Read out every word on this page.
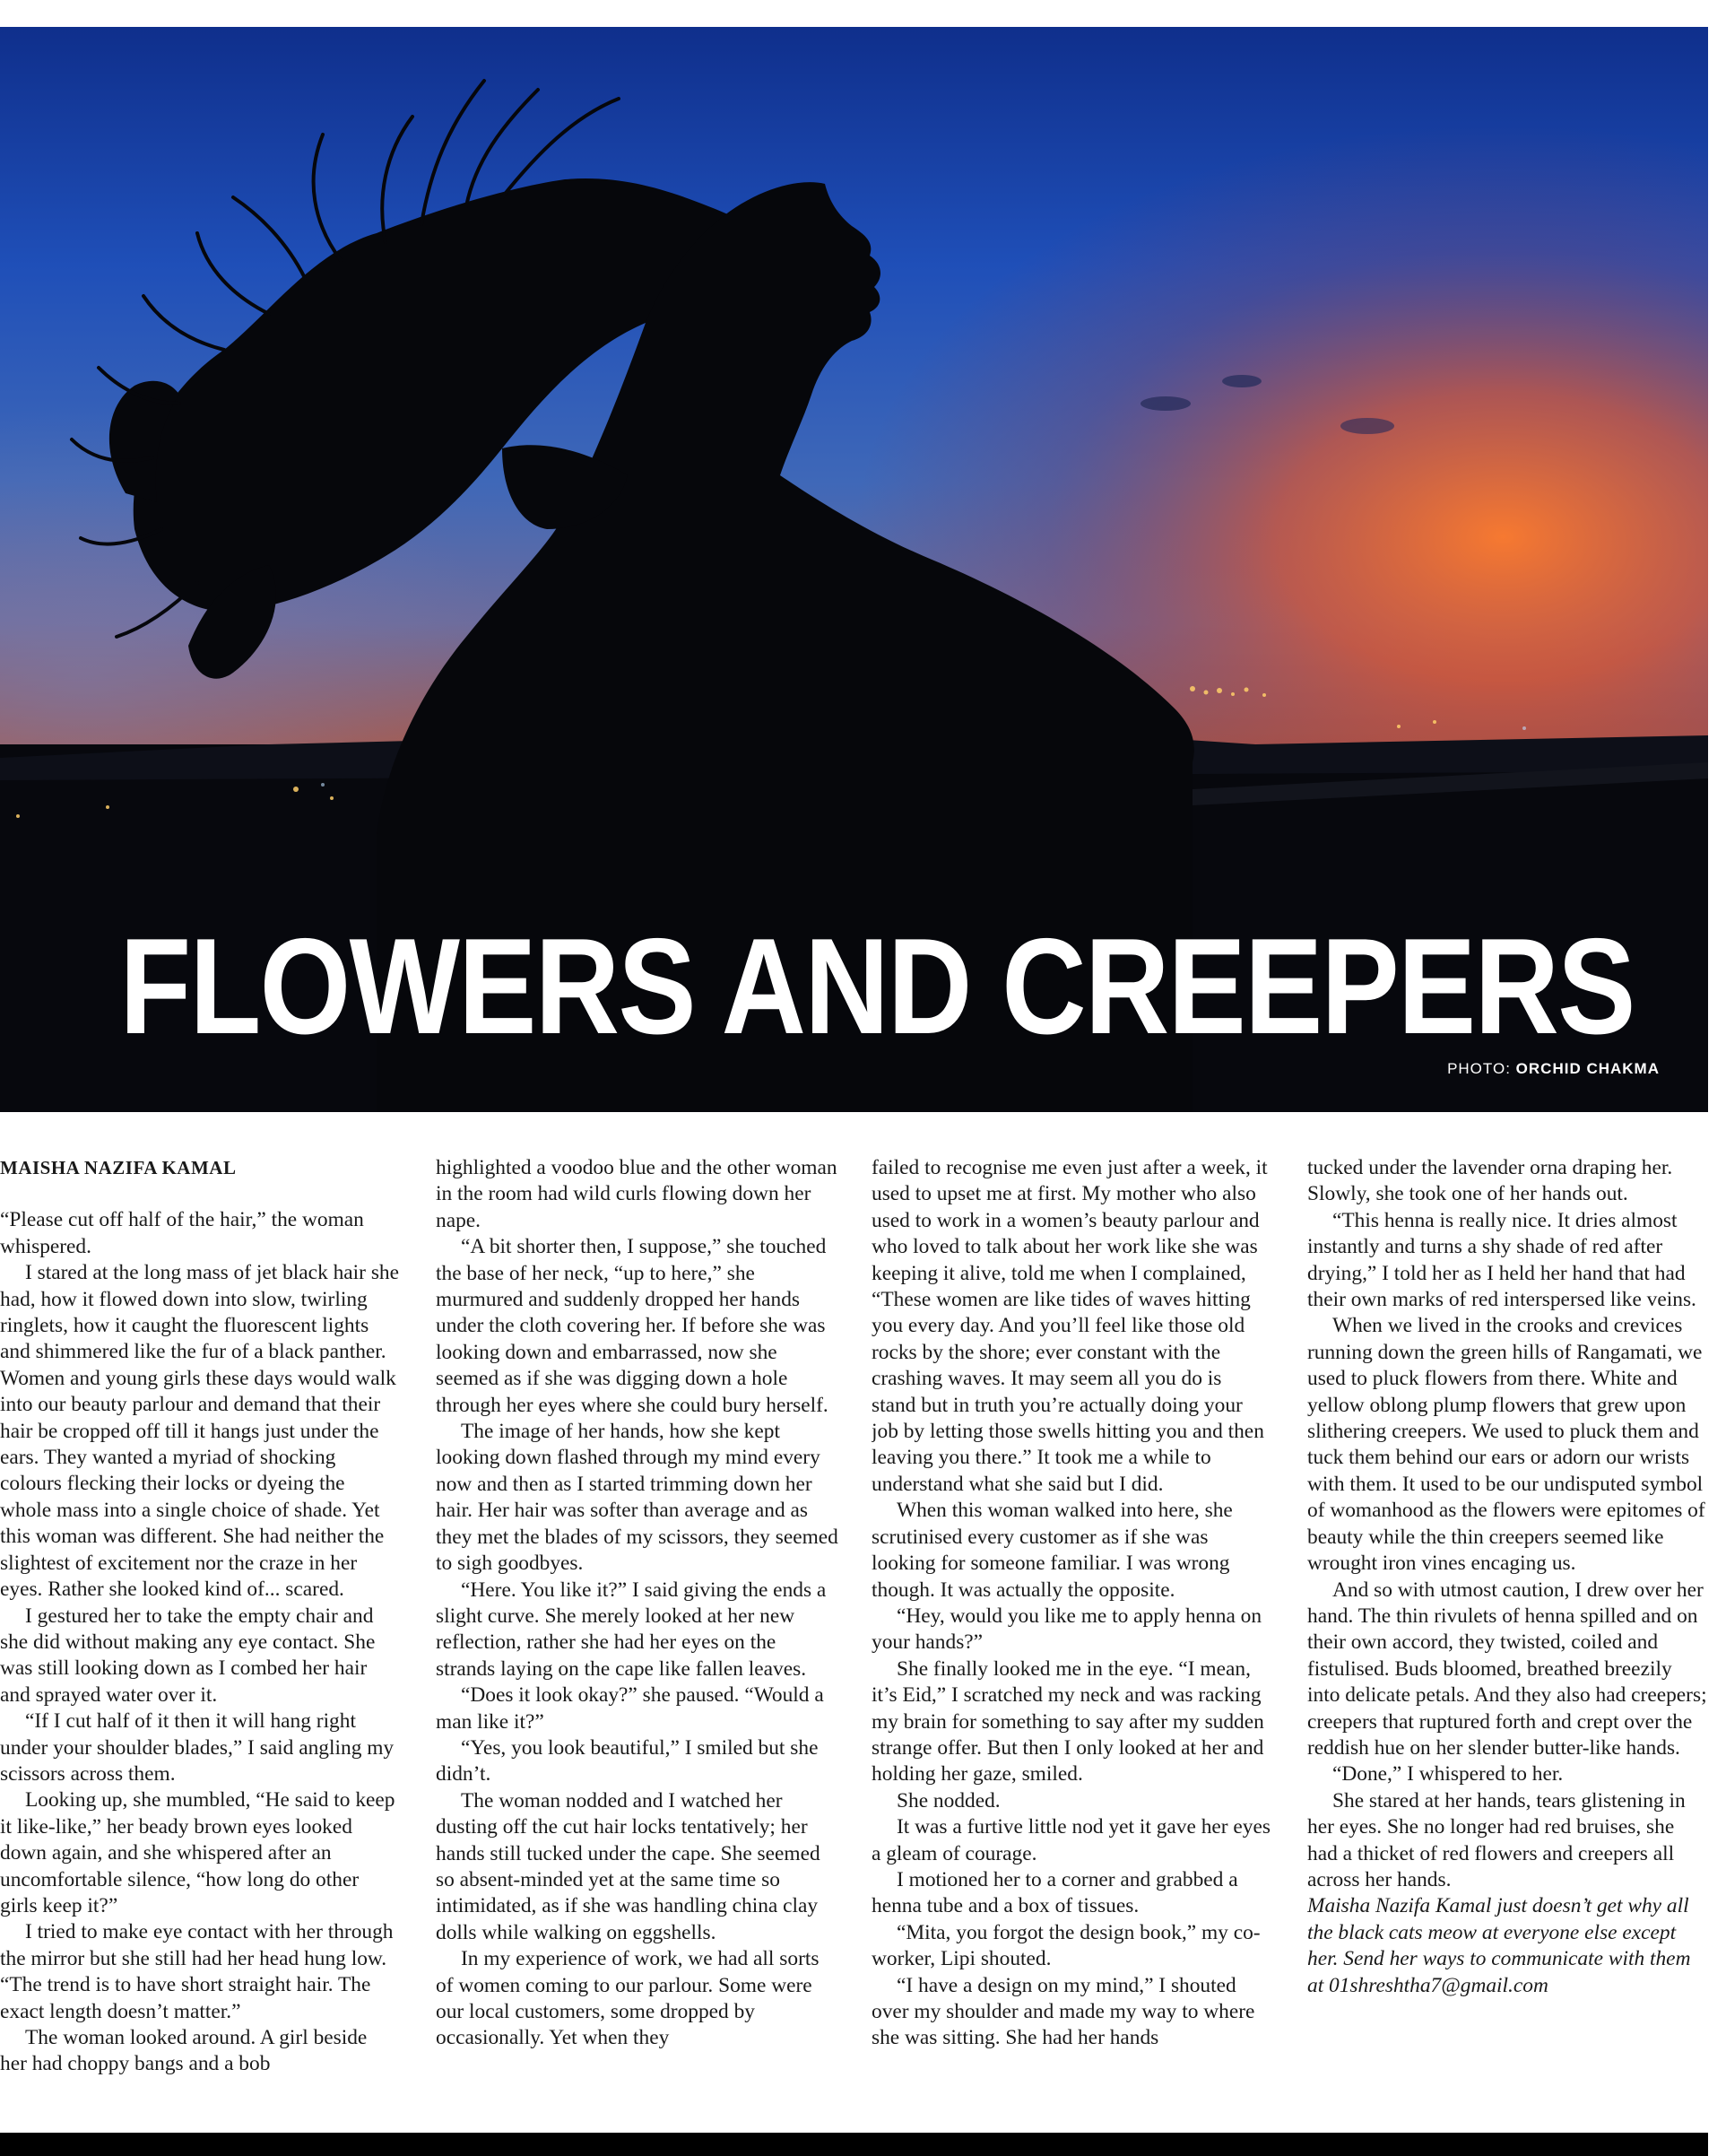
FLOWERS AND CREEPERS
PHOTO: ORCHID CHAKMA
MAISHA NAZIFA KAMAL

“Please cut off half of the hair,” the woman whispered.

I stared at the long mass of jet black hair she had, how it flowed down into slow, twirling ringlets, how it caught the fluorescent lights and shimmered like the fur of a black panther. Women and young girls these days would walk into our beauty parlour and demand that their hair be cropped off till it hangs just under the ears. They wanted a myriad of shocking colours flecking their locks or dyeing the whole mass into a single choice of shade. Yet this woman was different. She had neither the slightest of excitement nor the craze in her eyes. Rather she looked kind of... scared.

I gestured her to take the empty chair and she did without making any eye contact. She was still looking down as I combed her hair and sprayed water over it.

“If I cut half of it then it will hang right under your shoulder blades,” I said angling my scissors across them.

Looking up, she mumbled, “He said to keep it like-like,” her beady brown eyes looked down again, and she whispered after an uncomfortable silence, “how long do other girls keep it?”

I tried to make eye contact with her through the mirror but she still had her head hung low. “The trend is to have short straight hair. The exact length doesn’t matter.”

The woman looked around. A girl beside her had choppy bangs and a bob

highlighted a voodoo blue and the other woman in the room had wild curls flowing down her nape.

“A bit shorter then, I suppose,” she touched the base of her neck, “up to here,” she murmured and suddenly dropped her hands under the cloth covering her. If before she was looking down and embarrassed, now she seemed as if she was digging down a hole through her eyes where she could bury herself.

The image of her hands, how she kept looking down flashed through my mind every now and then as I started trimming down her hair. Her hair was softer than average and as they met the blades of my scissors, they seemed to sigh goodbyes.

“Here. You like it?” I said giving the ends a slight curve. She merely looked at her new reflection, rather she had her eyes on the strands laying on the cape like fallen leaves.

“Does it look okay?” she paused. “Would a man like it?”

“Yes, you look beautiful,” I smiled but she didn’t.

The woman nodded and I watched her dusting off the cut hair locks tentatively; her hands still tucked under the cape. She seemed so absent-minded yet at the same time so intimidated, as if she was handling china clay dolls while walking on eggshells.

In my experience of work, we had all sorts of women coming to our parlour. Some were our local customers, some dropped by occasionally. Yet when they

failed to recognise me even just after a week, it used to upset me at first. My mother who also used to work in a women’s beauty parlour and who loved to talk about her work like she was keeping it alive, told me when I complained, “These women are like tides of waves hitting you every day. And you’ll feel like those old rocks by the shore; ever constant with the crashing waves. It may seem all you do is stand but in truth you’re actually doing your job by letting those swells hitting you and then leaving you there.” It took me a while to understand what she said but I did.

When this woman walked into here, she scrutinised every customer as if she was looking for someone familiar. I was wrong though. It was actually the opposite.

“Hey, would you like me to apply henna on your hands?”

She finally looked me in the eye. “I mean, it’s Eid,” I scratched my neck and was racking my brain for something to say after my sudden strange offer. But then I only looked at her and holding her gaze, smiled.

She nodded.

It was a furtive little nod yet it gave her eyes a gleam of courage.

I motioned her to a corner and grabbed a henna tube and a box of tissues.

“Mita, you forgot the design book,” my co-worker, Lipi shouted.

“I have a design on my mind,” I shouted over my shoulder and made my way to where she was sitting. She had her hands

tucked under the lavender orna draping her. Slowly, she took one of her hands out.

“This henna is really nice. It dries almost instantly and turns a shy shade of red after drying,” I told her as I held her hand that had their own marks of red interspersed like veins.

When we lived in the crooks and crevices running down the green hills of Rangamati, we used to pluck flowers from there. White and yellow oblong plump flowers that grew upon slithering creepers. We used to pluck them and tuck them behind our ears or adorn our wrists with them. It used to be our undisputed symbol of womanhood as the flowers were epitomes of beauty while the thin creepers seemed like wrought iron vines encaging us.

And so with utmost caution, I drew over her hand. The thin rivulets of henna spilled and on their own accord, they twisted, coiled and fistulised. Buds bloomed, breathed breezily into delicate petals. And they also had creepers; creepers that ruptured forth and crept over the reddish hue on her slender butter-like hands.

“Done,” I whispered to her.

She stared at her hands, tears glistening in her eyes. She no longer had red bruises, she had a thicket of red flowers and creepers all across her hands.

Maisha Nazifa Kamal just doesn’t get why all the black cats meow at everyone else except her. Send her ways to communicate with them at 01shreshtha7@gmail.com
